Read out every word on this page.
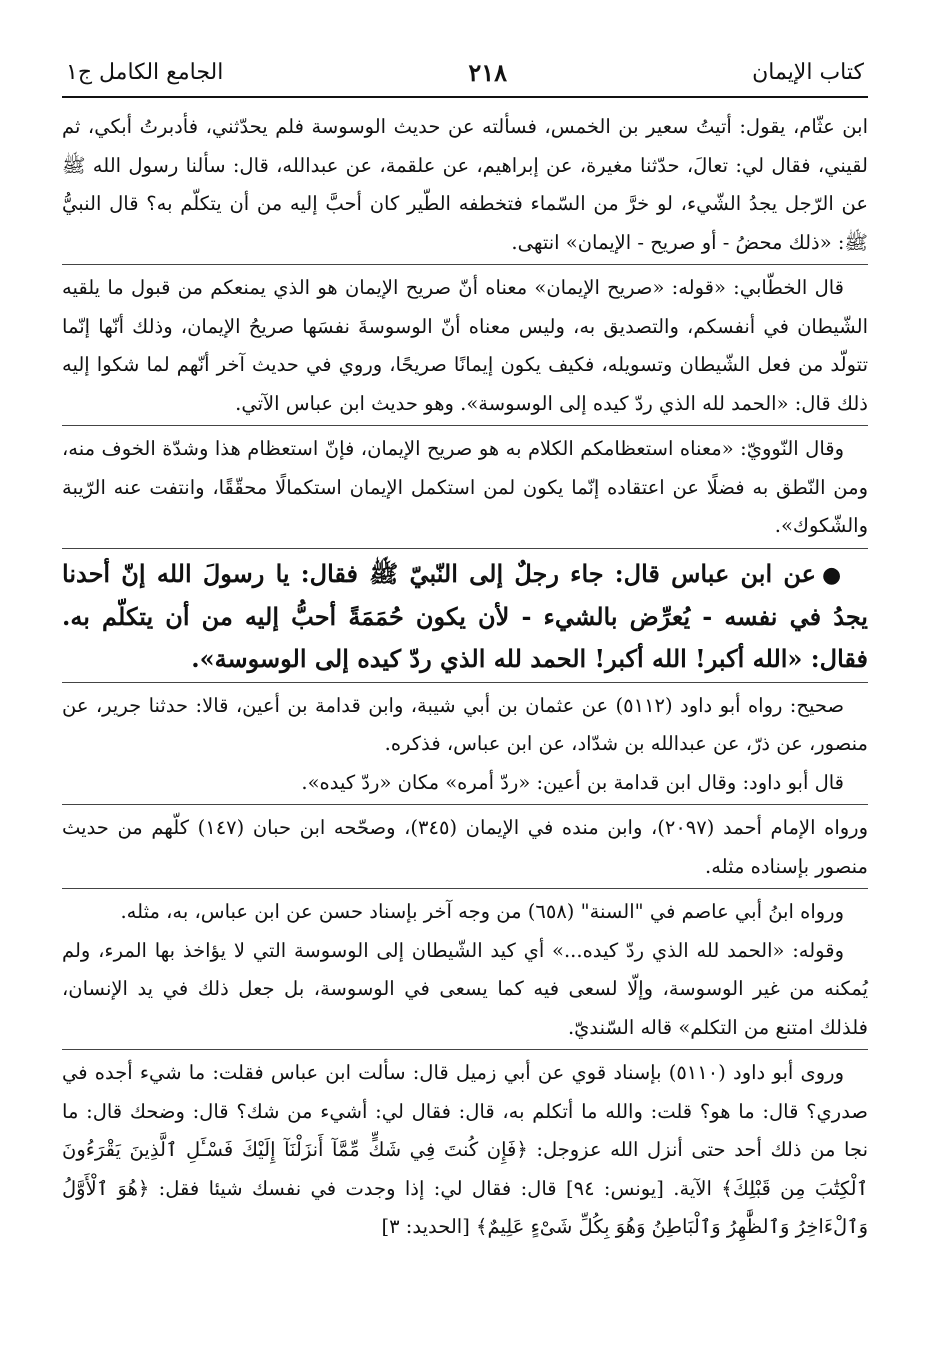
كتاب الإيمان
٢١٨
الجامع الكامل ج١

ابن عثّام، يقول: أتيتُ سعير بن الخمس، فسألته عن حديث الوسوسة فلم يحدّثني، فأدبرتُ أبكي، ثم لقيني، فقال لي: تعالَ، حدّثنا مغيرة، عن إبراهيم، عن علقمة، عن عبدالله، قال: سألنا رسول الله ﷺ عن الرّجل يجدُ الشّيء، لو خرَّ من السّماء فتخطفه الطّير كان أحبَّ إليه من أن يتكلّم به؟ قال النبيُّ ﷺ: «ذلك محضُ - أو صريح - الإيمان» انتهى.

قال الخطّابي: «قوله: «صريح الإيمان» معناه أنّ صريح الإيمان هو الذي يمنعكم من قبول ما يلقيه الشّيطان في أنفسكم، والتصديق به، وليس معناه أنّ الوسوسةَ نفسَها صريحُ الإيمان، وذلك أنّها إنّما تتولّد من فعل الشّيطان وتسويله، فكيف يكون إيمانًا صريحًا، وروي في حديث آخر أنّهم لما شكوا إليه ذلك قال: «الحمد لله الذي ردّ كيده إلى الوسوسة». وهو حديث ابن عباس الآتي.

وقال النّوويّ: «معناه استعظامكم الكلام به هو صريح الإيمان، فإنّ استعظام هذا وشدّة الخوف منه، ومن النّطق به فضلًا عن اعتقاده إنّما يكون لمن استكمل الإيمان استكمالًا محقّقًا، وانتفت عنه الرّيبة والشّكوك».

●عن ابن عباس قال: جاء رجلٌ إلى النّبيّ ﷺ فقال: يا رسولَ الله إنّ أحدنا يجدُ في نفسه - يُعرِّض بالشيء - لأن يكون حُمَمَةً أحبُّ إليه من أن يتكلّم به. فقال: «الله أكبر! الله أكبر! الحمد لله الذي ردّ كيده إلى الوسوسة».

صحيح: رواه أبو داود (٥١١٢) عن عثمان بن أبي شيبة، وابن قدامة بن أعين، قالا: حدثنا جرير، عن منصور، عن ذرّ، عن عبدالله بن شدّاد، عن ابن عباس، فذكره.

قال أبو داود: وقال ابن قدامة بن أعين: «ردّ أمره» مكان «ردّ كيده».

ورواه الإمام أحمد (٢٠٩٧)، وابن منده في الإيمان (٣٤٥)، وصحّحه ابن حبان (١٤٧) كلّهم من حديث منصور بإسناده مثله.

ورواه ابنُ أبي عاصم في "السنة" (٦٥٨) من وجه آخر بإسناد حسن عن ابن عباس، به، مثله.

وقوله: «الحمد لله الذي ردّ كيده...» أي كيد الشّيطان إلى الوسوسة التي لا يؤاخذ بها المرء، ولم يُمكنه من غير الوسوسة، وإلّا لسعى فيه كما يسعى في الوسوسة، بل جعل ذلك في يد الإنسان، فلذلك امتنع من التكلم» قاله السّنديّ.

وروى أبو داود (٥١١٠) بإسناد قوي عن أبي زميل قال: سألت ابن عباس فقلت: ما شيء أجده في صدري؟ قال: ما هو؟ قلت: والله ما أتكلم به، قال: فقال لي: أشيء من شك؟ قال: وضحك قال: ما نجا من ذلك أحد حتى أنزل الله عزوجل: ﴿فَإِن كُنتَ فِي شَكٍّ مِّمَّآ أَنزَلْنَآ إِلَيْكَ فَسْـَٔلِ ٱلَّذِينَ يَقْرَءُونَ ٱلْكِتَٰبَ مِن قَبْلِكَ﴾ الآية. [يونس: ٩٤] قال: فقال لي: إذا وجدت في نفسك شيئا فقل: ﴿هُوَ ٱلْأَوَّلُ وَٱلْءَاخِرُ وَٱلظَّٰهِرُ وَٱلْبَاطِنُ وَهُوَ بِكُلِّ شَىْءٍ عَلِيمٌ﴾ [الحديد: ٣]
